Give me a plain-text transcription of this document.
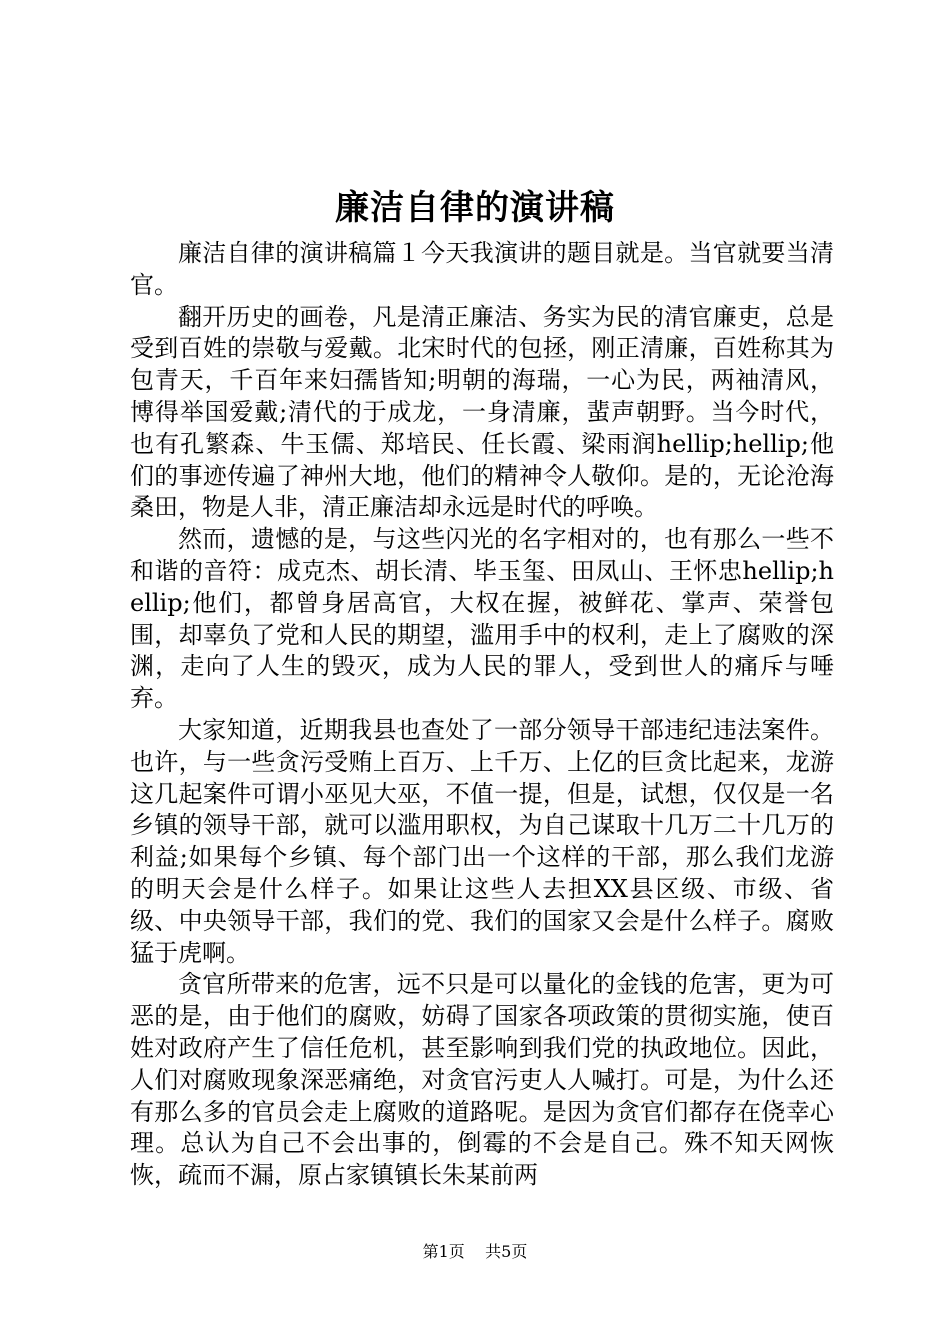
廉洁自律的演讲稿

廉洁自律的演讲稿篇１今天我演讲的题目就是。当官就要当清官。

翻开历史的画卷，凡是清正廉洁、务实为民的清官廉吏，总是受到百姓的崇敬与爱戴。北宋时代的包拯，刚正清廉，百姓称其为包青天，千百年来妇孺皆知;明朝的海瑞，一心为民，两袖清风，博得举国爱戴;清代的于成龙，一身清廉，蜚声朝野。当今时代，也有孔繁森、牛玉儒、郑培民、任长霞、梁雨润hellip;hellip;他们的事迹传遍了神州大地，他们的精神令人敬仰。是的，无论沧海桑田，物是人非，清正廉洁却永远是时代的呼唤。

然而，遗憾的是，与这些闪光的名字相对的，也有那么一些不和谐的音符：成克杰、胡长清、毕玉玺、田凤山、王怀忠hellip;hellip;他们，都曾身居高官，大权在握，被鲜花、掌声、荣誉包围，却辜负了党和人民的期望，滥用手中的权利，走上了腐败的深渊，走向了人生的毁灭，成为人民的罪人，受到世人的痛斥与唾弃。

大家知道，近期我县也查处了一部分领导干部违纪违法案件。也许，与一些贪污受贿上百万、上千万、上亿的巨贪比起来，龙游这几起案件可谓小巫见大巫，不值一提，但是，试想，仅仅是一名乡镇的领导干部，就可以滥用职权，为自己谋取十几万二十几万的利益;如果每个乡镇、每个部门出一个这样的干部，那么我们龙游的明天会是什么样子。如果让这些人去担XX县区级、市级、省级、中央领导干部，我们的党、我们的国家又会是什么样子。腐败猛于虎啊。

贪官所带来的危害，远不只是可以量化的金钱的危害，更为可恶的是，由于他们的腐败，妨碍了国家各项政策的贯彻实施，使百姓对政府产生了信任危机，甚至影响到我们党的执政地位。因此，人们对腐败现象深恶痛绝，对贪官污吏人人喊打。可是，为什么还有那么多的官员会走上腐败的道路呢。是因为贪官们都存在侥幸心理。总认为自己不会出事的，倒霉的不会是自己。殊不知天网恢恢，疏而不漏，原占家镇镇长朱某前两

第1页 共5页
